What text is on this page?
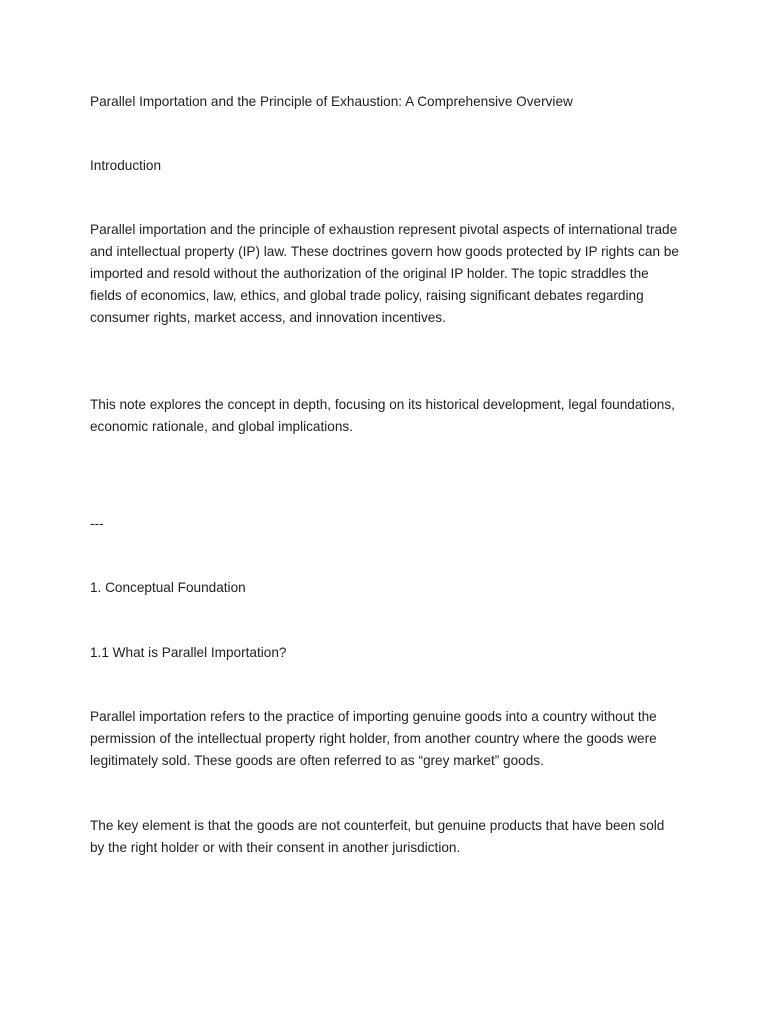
Parallel Importation and the Principle of Exhaustion: A Comprehensive Overview

Introduction

Parallel importation and the principle of exhaustion represent pivotal aspects of international trade and intellectual property (IP) law. These doctrines govern how goods protected by IP rights can be imported and resold without the authorization of the original IP holder. The topic straddles the fields of economics, law, ethics, and global trade policy, raising significant debates regarding consumer rights, market access, and innovation incentives.

This note explores the concept in depth, focusing on its historical development, legal foundations, economic rationale, and global implications.

---

1. Conceptual Foundation

1.1 What is Parallel Importation?

Parallel importation refers to the practice of importing genuine goods into a country without the permission of the intellectual property right holder, from another country where the goods were legitimately sold. These goods are often referred to as “grey market” goods.

The key element is that the goods are not counterfeit, but genuine products that have been sold by the right holder or with their consent in another jurisdiction.
